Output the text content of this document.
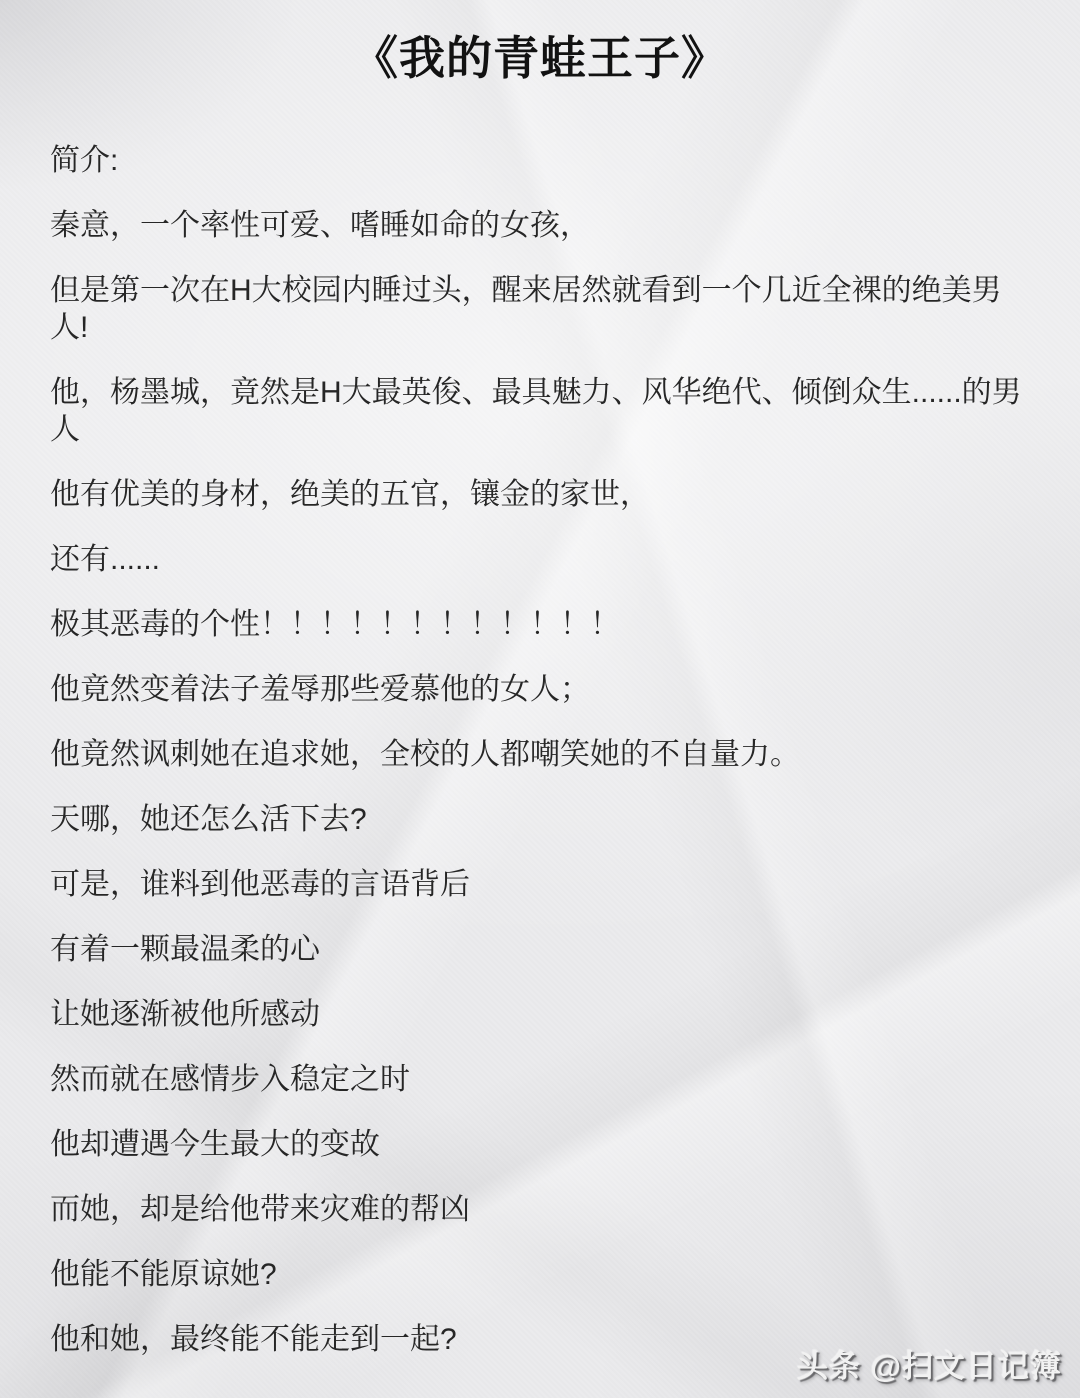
《我的青蛙王子》

简介:

秦意，一个率性可爱、嗜睡如命的女孩，

但是第一次在H大校园内睡过头，醒来居然就看到一个几近全裸的绝美男人!

他，杨墨城，竟然是H大最英俊、最具魅力、风华绝代、倾倒众生......的男人

他有优美的身材，绝美的五官，镶金的家世，

还有......

极其恶毒的个性！！！！！！！！！！！！

他竟然变着法子羞辱那些爱慕他的女人；

他竟然讽刺她在追求她，全校的人都嘲笑她的不自量力。

天哪，她还怎么活下去?

可是，谁料到他恶毒的言语背后

有着一颗最温柔的心

让她逐渐被他所感动

然而就在感情步入稳定之时

他却遭遇今生最大的变故

而她，却是给他带来灾难的帮凶

他能不能原谅她?

他和她，最终能不能走到一起?

头条 @扫文日记簿
